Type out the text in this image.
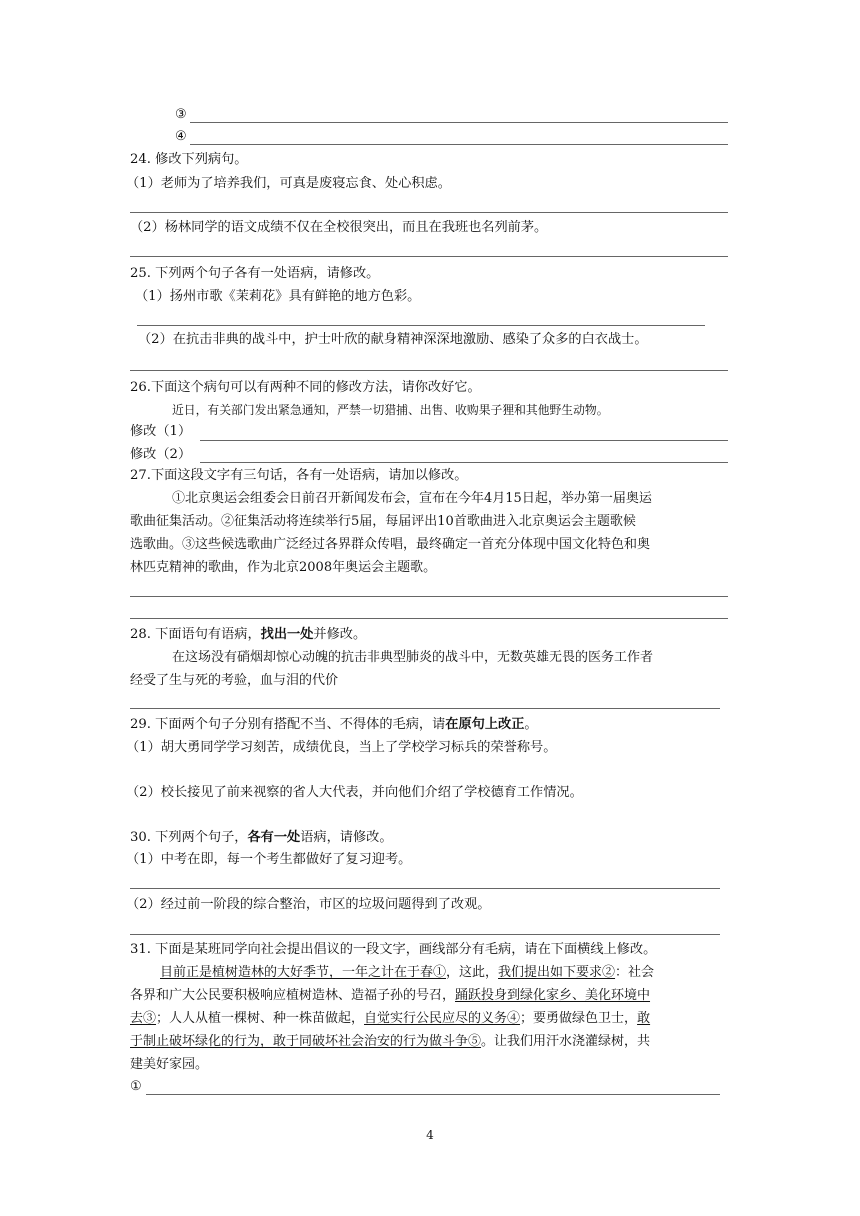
③
④
24. 修改下列病句。
（1）老师为了培养我们，可真是废寝忘食、处心积虑。
（2）杨林同学的语文成绩不仅在全校很突出，而且在我班也名列前茅。
25. 下列两个句子各有一处语病，请修改。
（1）扬州市歌《茉莉花》具有鲜艳的地方色彩。
（2）在抗击非典的战斗中，护士叶欣的献身精神深深地激励、感染了众多的白衣战士。
26.下面这个病句可以有两种不同的修改方法，请你改好它。
近日，有关部门发出紧急通知，严禁一切猎捕、出售、收购果子狸和其他野生动物。
修改（1）
修改（2）
27.下面这段文字有三句话，各有一处语病，请加以修改。
①北京奥运会组委会日前召开新闻发布会，宣布在今年4月15日起，举办第一届奥运
歌曲征集活动。②征集活动将连续举行5届，每届评出10首歌曲进入北京奥运会主题歌候
选歌曲。③这些候选歌曲广泛经过各界群众传唱，最终确定一首充分体现中国文化特色和奥
林匹克精神的歌曲，作为北京2008年奥运会主题歌。
28. 下面语句有语病，找出一处并修改。
在这场没有硝烟却惊心动魄的抗击非典型肺炎的战斗中，无数英雄无畏的医务工作者
经受了生与死的考验，血与泪的代价
29. 下面两个句子分别有搭配不当、不得体的毛病，请在原句上改正。
（1）胡大勇同学学习刻苦，成绩优良，当上了学校学习标兵的荣誉称号。
（2）校长接见了前来视察的省人大代表，并向他们介绍了学校德育工作情况。
30. 下列两个句子，各有一处语病，请修改。
（1）中考在即，每一个考生都做好了复习迎考。
（2）经过前一阶段的综合整治，市区的垃圾问题得到了改观。
31. 下面是某班同学向社会提出倡议的一段文字，画线部分有毛病，请在下面横线上修改。
目前正是植树造林的大好季节，一年之计在于春①，这此，我们提出如下要求②：社会
各界和广大公民要积极响应植树造林、造福子孙的号召，踊跃投身到绿化家乡、美化环境中
去③；人人从植一棵树、种一株苗做起，自觉实行公民应尽的义务④；要勇做绿色卫士，敢
于制止破坏绿化的行为，敢于同破坏社会治安的行为做斗争⑤。让我们用汗水浇灌绿树，共
建美好家园。
①
4
